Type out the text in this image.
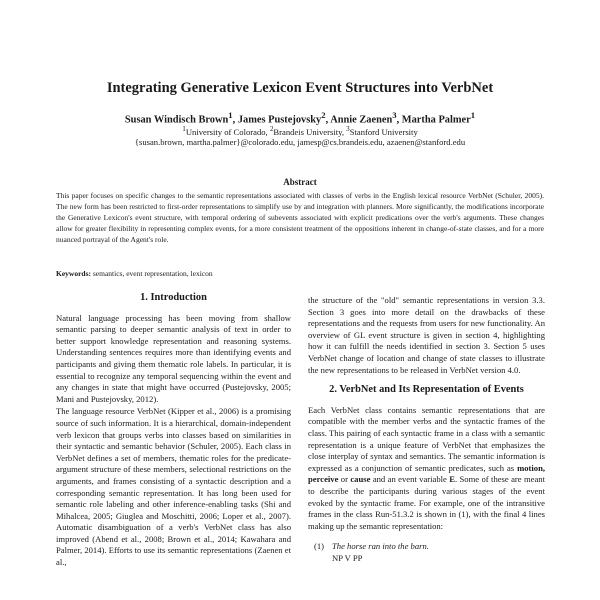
Integrating Generative Lexicon Event Structures into VerbNet
Susan Windisch Brown$^1$, James Pustejovsky$^2$, Annie Zaenen$^3$, Martha Palmer$^1$
$^1$University of Colorado, $^2$Brandeis University, $^3$Stanford University
{susan.brown, martha.palmer}@colorado.edu, jamesp@cs.brandeis.edu, azaenen@stanford.edu
Abstract
This paper focuses on specific changes to the semantic representations associated with classes of verbs in the English lexical resource VerbNet (Schuler, 2005). The new form has been restricted to first-order representations to simplify use by and integration with planners. More significantly, the modifications incorporate the Generative Lexicon's event structure, with temporal ordering of subevents associated with explicit predications over the verb's arguments. These changes allow for greater flexibility in representing complex events, for a more consistent treatment of the oppositions inherent in change-of-state classes, and for a more nuanced portrayal of the Agent's role.
Keywords: semantics, event representation, lexicon
1. Introduction

Natural language processing has been moving from shallow semantic parsing to deeper semantic analysis of text in order to better support knowledge representation and reasoning systems. Understanding sentences requires more than identifying events and participants and giving them thematic role labels. In particular, it is essential to recognize any temporal sequencing within the event and any changes in state that might have occurred (Pustejovsky, 2005; Mani and Pustejovsky, 2012).

The language resource VerbNet (Kipper et al., 2006) is a promising source of such information. It is a hierarchical, domain-independent verb lexicon that groups verbs into classes based on similarities in their syntactic and semantic behavior (Schuler, 2005). Each class in VerbNet defines a set of members, thematic roles for the predicate-argument structure of these members, selectional restrictions on the arguments, and frames consisting of a syntactic description and a corresponding semantic representation. It has long been used for semantic role labeling and other inference-enabling tasks (Shi and Mihalcea, 2005; Giuglea and Moschitti, 2006; Loper et al., 2007). Automatic disambiguation of a verb's VerbNet class has also improved (Abend et al., 2008; Brown et al., 2014; Kawahara and Palmer, 2014). Efforts to use its semantic representations (Zaenen et al.,

the structure of the "old" semantic representations in version 3.3. Section 3 goes into more detail on the drawbacks of these representations and the requests from users for new functionality. An overview of GL event structure is given in section 4, highlighting how it can fulfill the needs identified in section 3. Section 5 uses VerbNet change of location and change of state classes to illustrate the new representations to be released in VerbNet version 4.0.

2. VerbNet and Its Representation of Events

Each VerbNet class contains semantic representations that are compatible with the member verbs and the syntactic frames of the class. This pairing of each syntactic frame in a class with a semantic representation is a unique feature of VerbNet that emphasizes the close interplay of syntax and semantics. The semantic information is expressed as a conjunction of semantic predicates, such as motion, perceive or cause and an event variable E. Some of these are meant to describe the participants during various stages of the event evoked by the syntactic frame. For example, one of the intransitive frames in the class Run-51.3.2 is shown in (1), with the final 4 lines making up the semantic representation:

(1) The horse ran into the barn.
NP V PP
